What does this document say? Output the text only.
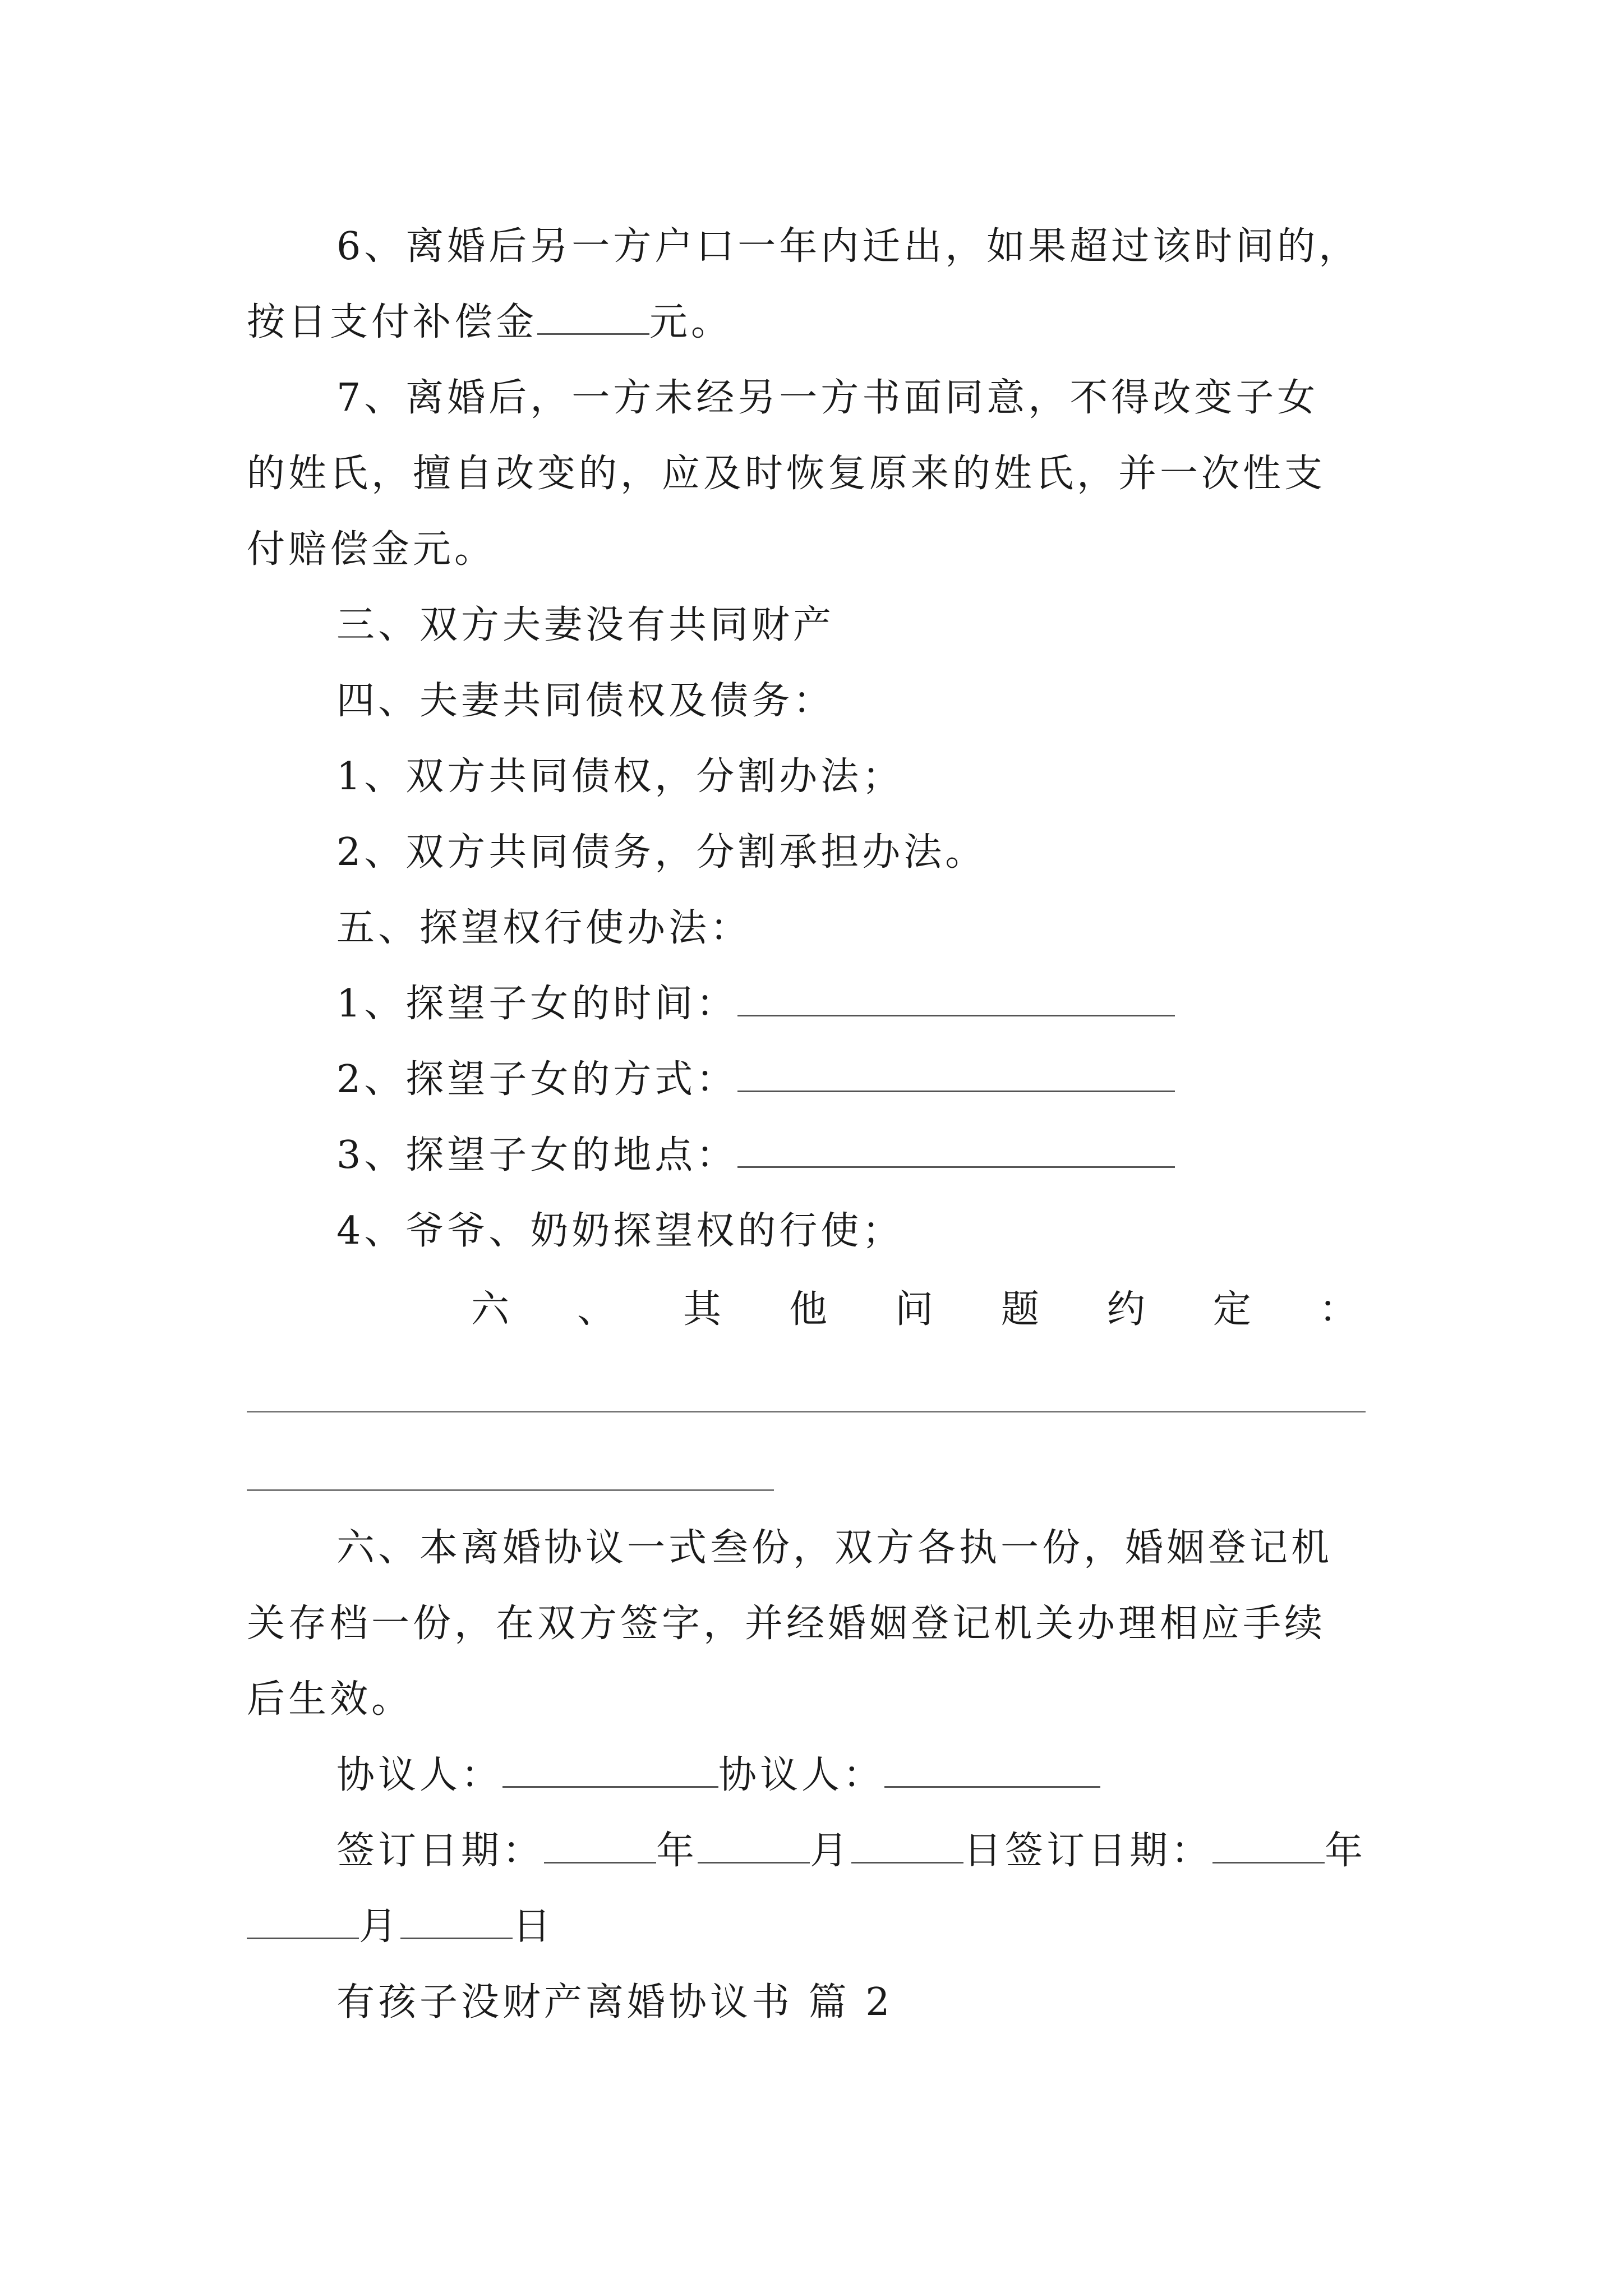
6、离婚后另一方户口一年内迁出，如果超过该时间的，
按日支付补偿金	元。
7、离婚后，一方未经另一方书面同意，不得改变子女
的姓氏，擅自改变的，应及时恢复原来的姓氏，并一次性支
付赔偿金元。
三、双方夫妻没有共同财产
四、夫妻共同债权及债务：
1、双方共同债权，分割办法；
2、双方共同债务，分割承担办法。
五、探望权行使办法：
1、探望子女的时间：
2、探望子女的方式：
3、探望子女的地点：
4、爷爷、奶奶探望权的行使；
六 、 其 他 问 题 约 定 ：
六、本离婚协议一式叁份，双方各执一份，婚姻登记机
关存档一份，在双方签字，并经婚姻登记机关办理相应手续
后生效。
协议人：	协议人：
签订日期：	年	月	日签订日期：	年
月	日
有孩子没财产离婚协议书 篇 2
